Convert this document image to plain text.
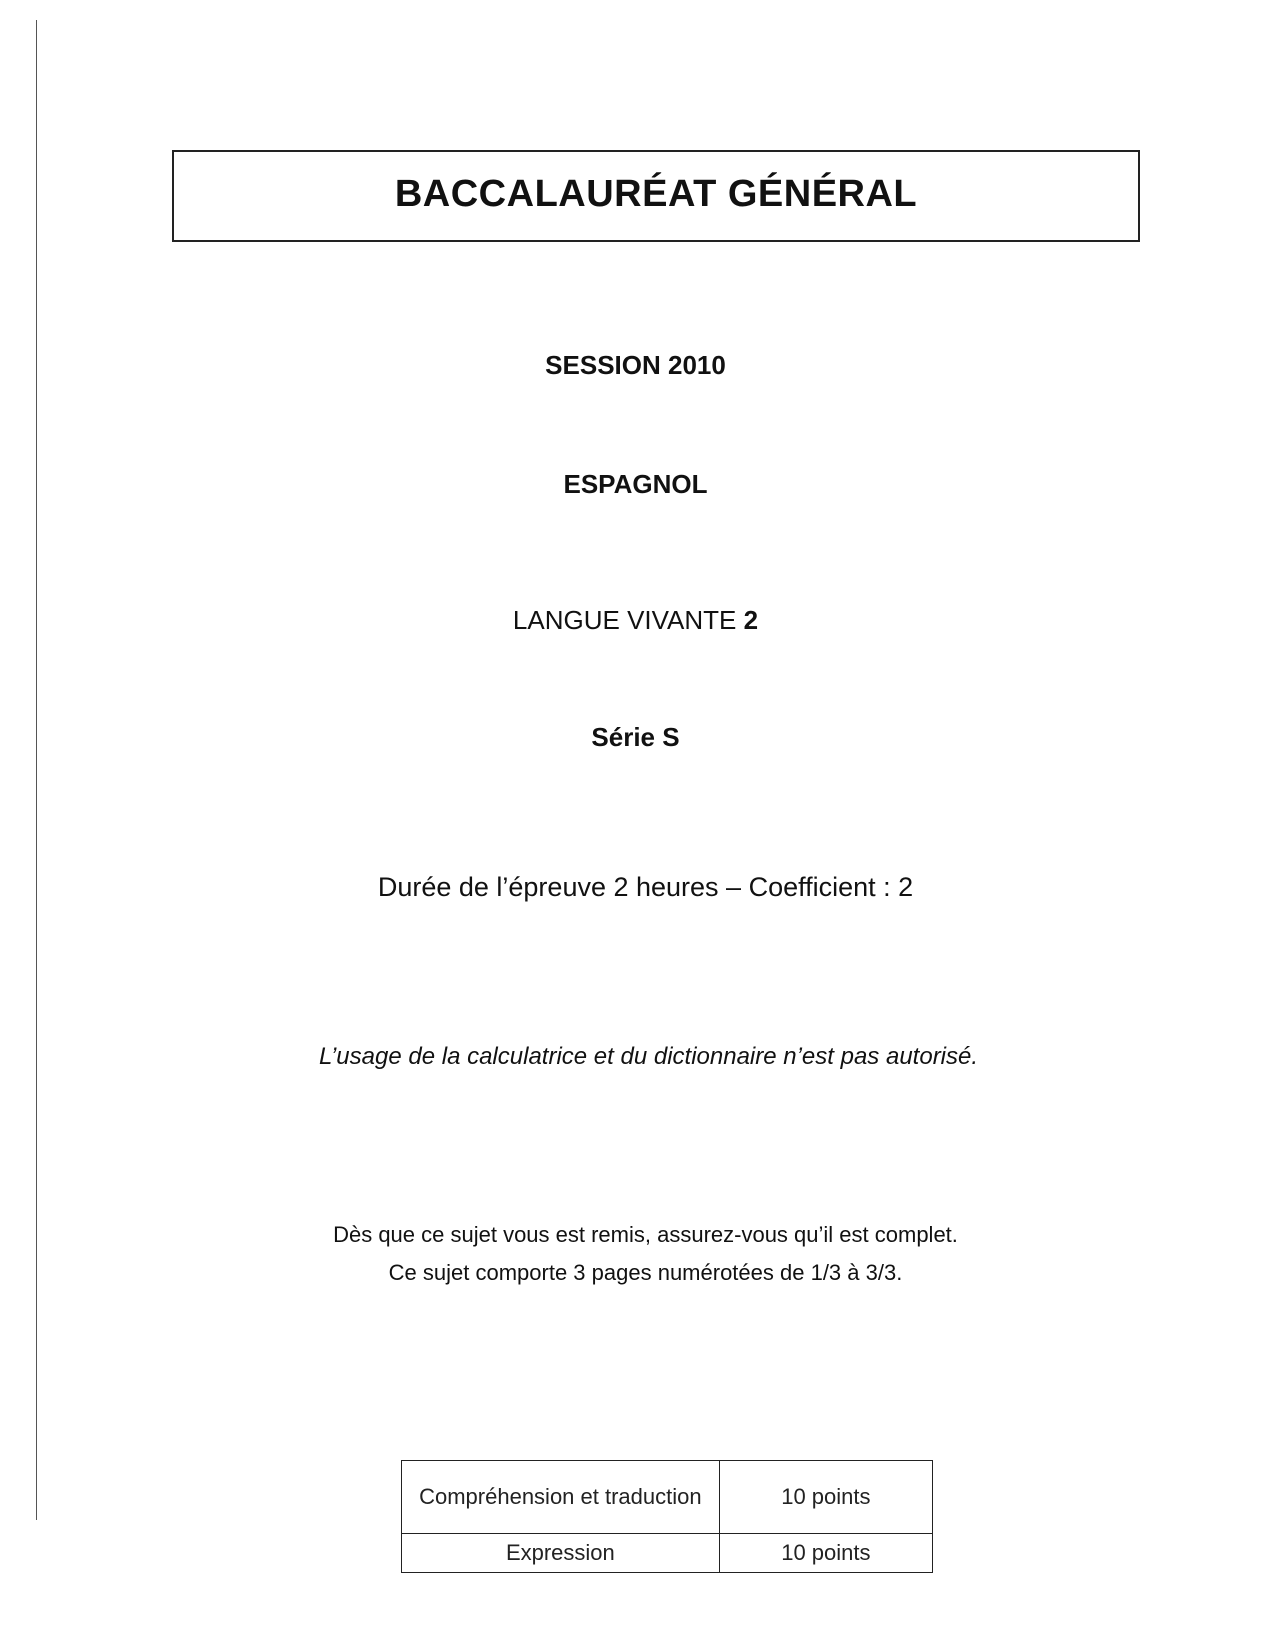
BACCALAURÉAT GÉNÉRAL
SESSION 2010
ESPAGNOL
LANGUE VIVANTE 2
Série S
Durée de l’épreuve 2 heures – Coefficient : 2
L’usage de la calculatrice et du dictionnaire n’est pas autorisé.
Dès que ce sujet vous est remis, assurez-vous qu’il est complet.
Ce sujet comporte 3 pages numérotées de 1/3 à 3/3.
Compréhension et traduction	10 points

Expression	10 points
